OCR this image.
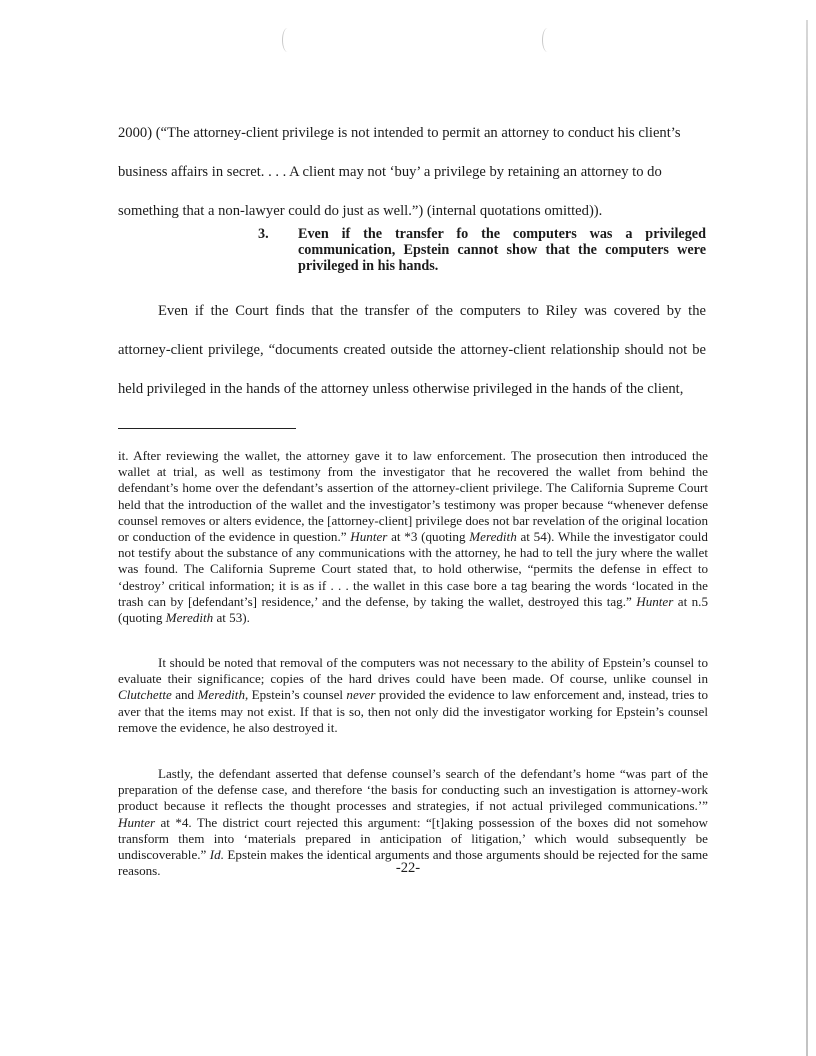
2000) (“The attorney-client privilege is not intended to permit an attorney to conduct his client’s business affairs in secret. . . . A client may not ‘buy’ a privilege by retaining an attorney to do something that a non-lawyer could do just as well.”) (internal quotations omitted)).

3.	Even if the transfer fo the computers was a privileged communication, Epstein cannot show that the computers were privileged in his hands.

Even if the Court finds that the transfer of the computers to Riley was covered by the attorney-client privilege, “documents created outside the attorney-client relationship should not be held privileged in the hands of the attorney unless otherwise privileged in the hands of the client,

it. After reviewing the wallet, the attorney gave it to law enforcement. The prosecution then introduced the wallet at trial, as well as testimony from the investigator that he recovered the wallet from behind the defendant’s home over the defendant’s assertion of the attorney-client privilege. The California Supreme Court held that the introduction of the wallet and the investigator’s testimony was proper because “whenever defense counsel removes or alters evidence, the [attorney-client] privilege does not bar revelation of the original location or conduction of the evidence in question.” Hunter at *3 (quoting Meredith at 54). While the investigator could not testify about the substance of any communications with the attorney, he had to tell the jury where the wallet was found. The California Supreme Court stated that, to hold otherwise, “permits the defense in effect to ‘destroy’ critical information; it is as if . . . the wallet in this case bore a tag bearing the words ‘located in the trash can by [defendant’s] residence,’ and the defense, by taking the wallet, destroyed this tag.” Hunter at n.5 (quoting Meredith at 53).

It should be noted that removal of the computers was not necessary to the ability of Epstein’s counsel to evaluate their significance; copies of the hard drives could have been made. Of course, unlike counsel in Clutchette and Meredith, Epstein’s counsel never provided the evidence to law enforcement and, instead, tries to aver that the items may not exist. If that is so, then not only did the investigator working for Epstein’s counsel remove the evidence, he also destroyed it.

Lastly, the defendant asserted that defense counsel’s search of the defendant’s home “was part of the preparation of the defense case, and therefore ‘the basis for conducting such an investigation is attorney-work product because it reflects the thought processes and strategies, if not actual privileged communications.’” Hunter at *4. The district court rejected this argument: “[t]aking possession of the boxes did not somehow transform them into ‘materials prepared in anticipation of litigation,’ which would subsequently be undiscoverable.” Id. Epstein makes the identical arguments and those arguments should be rejected for the same reasons.	-22-
